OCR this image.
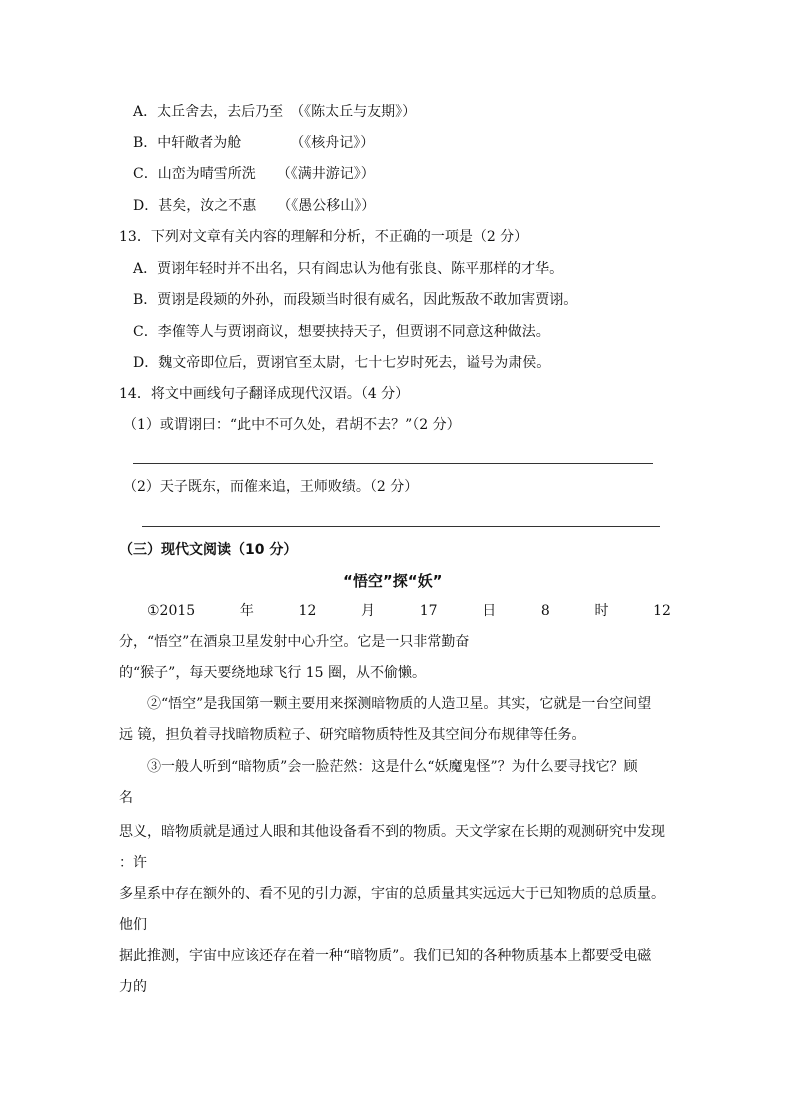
A．太丘舍去，去后乃至　（《陈太丘与友期》）
B．中轩敞者为舱　　　　（《核舟记》）
C．山峦为晴雪所洗　　（《满井游记》）
D．甚矣，汝之不惠　　（《愚公移山》）
13．下列对文章有关内容的理解和分析，不正确的一项是（2 分）
A．贾诩年轻时并不出名，只有阎忠认为他有张良、陈平那样的才华。
B．贾诩是段颎的外孙，而段颎当时很有威名，因此叛敌不敢加害贾诩。
C．李傕等人与贾诩商议，想要挟持天子，但贾诩不同意这种做法。
D．魏文帝即位后，贾诩官至太尉，七十七岁时死去，谥号为肃侯。
14．将文中画线句子翻译成现代汉语。（4 分）
（1）或谓诩曰：“此中不可久处，君胡不去？”（2 分）
（2）天子既东，而傕来追，王师败绩。（2 分）
（三）现代文阅读（10 分）
“悟空”探“妖”
①2015	年	12	月	17	日	8	时	12
分，“悟空”在酒泉卫星发射中心升空。它是一只非常勤奋
的“猴子”，每天要绕地球飞行 15 圈，从不偷懒。
②“悟空”是我国第一颗主要用来探测暗物质的人造卫星。其实，它就是一台空间望
远 镜，担负着寻找暗物质粒子、研究暗物质特性及其空间分布规律等任务。
③一般人听到“暗物质”会一脸茫然：这是什么“妖魔鬼怪”？为什么要寻找它？顾
名
思义，暗物质就是通过人眼和其他设备看不到的物质。天文学家在长期的观测研究中发现
：许
多星系中存在额外的、看不见的引力源，宇宙的总质量其实远远大于已知物质的总质量。
他们
据此推测，宇宙中应该还存在着一种“暗物质”。我们已知的各种物质基本上都要受电磁
力的
